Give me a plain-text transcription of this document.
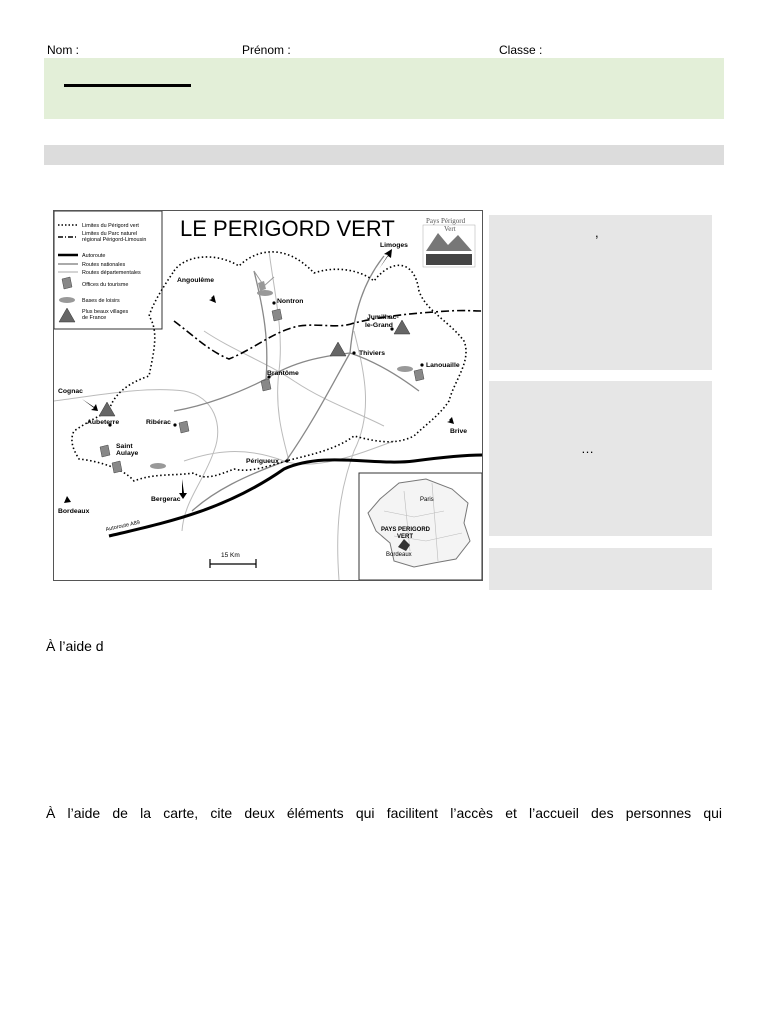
Nom :	Prénom :	Classe :
Limites du Périgord vert
Limites du Parc naturel
régional Périgord-Limousin
Autoroute
Routes nationales
Routes départementales
Offices du tourisme
Bases de loisirs
Plus beaux villages
de France
LE PERIGORD VERT	Pays Périgord
Vert
Limoges
Angoulême
Nontron
Jumilhac-
le-Grand
Thiviers
Lanouaille
Brantôme
Cognac
Aubeterre	Ribérac
Saint
Aulaye
Brive
Périgueux
Bergerac
Bordeaux
Autoroute A89
15 Km
Paris
PAYS PERIGORD
VERT
Bordeaux
,
…
À l’aide d
À l’aide de la carte, cite deux éléments qui facilitent l’accès et l’accueil des personnes qui
